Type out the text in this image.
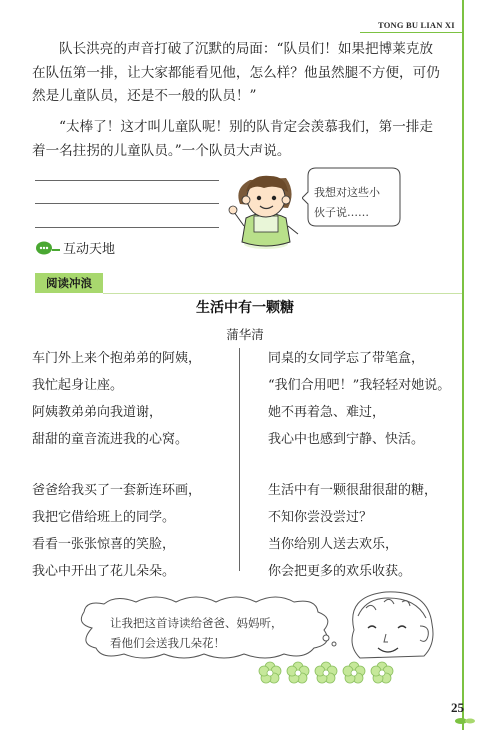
TONG BU LIAN XI
队长洪亮的声音打破了沉默的局面：“队员们！如果把博莱克放在队伍第一排，让大家都能看见他，怎么样？他虽然腿不方便，可仍然是儿童队员，还是不一般的队员！”
“太棒了！这才叫儿童队呢！别的队肯定会羡慕我们，第一排走着一名拄拐的儿童队员。”一个队员大声说。
我想对这些小
伙子说……
互动天地
阅读冲浪
生活中有一颗糖
蒲华清
车门外上来个抱弟弟的阿姨，
我忙起身让座。
阿姨教弟弟向我道谢，
甜甜的童音流进我的心窝。
爸爸给我买了一套新连环画，
我把它借给班上的同学。
看看一张张惊喜的笑脸，
我心中开出了花儿朵朵。
同桌的女同学忘了带笔盒，
“我们合用吧！”我轻轻对她说。
她不再着急、难过，
我心中也感到宁静、快活。
生活中有一颗很甜很甜的糖，
不知你尝没尝过？
当你给别人送去欢乐，
你会把更多的欢乐收获。
让我把这首诗读给爸爸、妈妈听，
看他们会送我几朵花！
25
